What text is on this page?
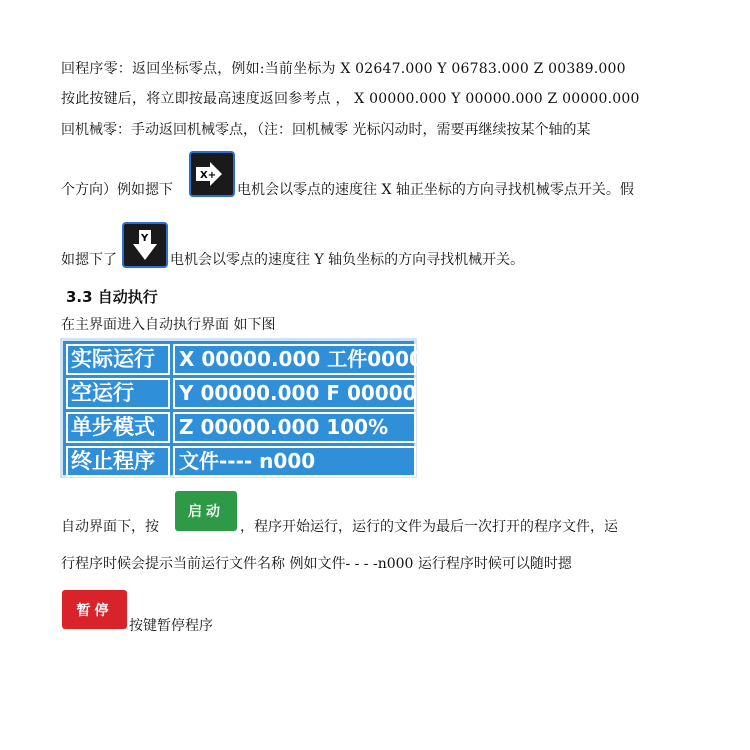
回程序零：返回坐标零点，例如:当前坐标为 X 02647.000 Y 06783.000 Z 00389.000
按此按键后，将立即按最高速度返回参考点 ， X 00000.000 Y 00000.000 Z 00000.000
回机械零：手动返回机械零点，（注：回机械零 光标闪动时，需要再继续按某个轴的某
个方向）例如摁下
X+
电机会以零点的速度往 X 轴正坐标的方向寻找机械零点开关。假
如摁下了
Y
电机会以零点的速度往 Y 轴负坐标的方向寻找机械开关。
3.3 自动执行
在主界面进入自动执行界面 如下图
实际运行	X 00000.000 工件00000
空运行	Y 00000.000 F 00000
单步模式	Z 00000.000 100%
终止程序	文件---- n000
自动界面下，按
启动
，程序开始运行，运行的文件为最后一次打开的程序文件，运
行程序时候会提示当前运行文件名称 例如文件- - - -n000 运行程序时候可以随时摁
暂停
按键暂停程序
